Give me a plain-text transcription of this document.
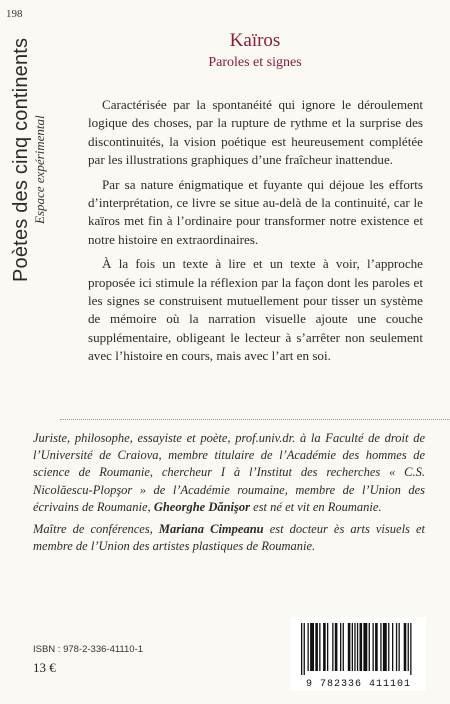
198
Poètes des cinq continents Espace expérimental
Kaïros
Paroles et signes

Caractérisée par la spontanéité qui ignore le déroulement logique des choses, par la rupture de rythme et la surprise des discontinuités, la vision poétique est heureusement complétée par les illustrations graphiques d’une fraîcheur inattendue.

Par sa nature énigmatique et fuyante qui déjoue les efforts d’interprétation, ce livre se situe au-delà de la continuité, car le kaïros met fin à l’ordinaire pour transformer notre existence et notre histoire en extraordinaires.

À la fois un texte à lire et un texte à voir, l’approche proposée ici stimule la réflexion par la façon dont les paroles et les signes se construisent mutuellement pour tisser un système de mémoire où la narration visuelle ajoute une couche supplémentaire, obligeant le lecteur à s’arrêter non seulement avec l’histoire en cours, mais avec l’art en soi.

Juriste, philosophe, essayiste et poète, prof.univ.dr. à la Faculté de droit de l’Université de Craiova, membre titulaire de l’Académie des hommes de science de Roumanie, chercheur I à l’Institut des recherches « C.S. Nicolăescu-Plopşor » de l’Académie roumaine, membre de l’Union des écrivains de Roumanie, Gheorghe Dănişor est né et vit en Roumanie.

Maître de conférences, Mariana Cimpeanu est docteur ès arts visuels et membre de l’Union des artistes plastiques de Roumanie.

ISBN : 978-2-336-41110-1
13 €
9 782336 411101
